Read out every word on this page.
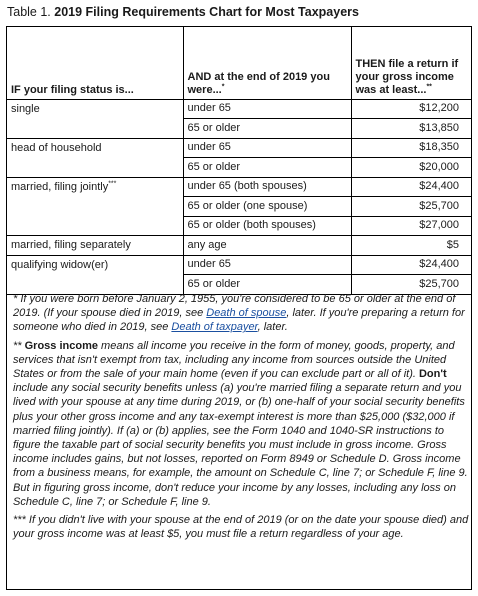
Table 1. 2019 Filing Requirements Chart for Most Taxpayers
IF your filing status is...	AND at the end of 2019 you were...*	THEN file a return if your gross income was at least...**
single	under 65	$12,200
	65 or older	$13,850
head of household	under 65	$18,350
	65 or older	$20,000
married, filing jointly***	under 65 (both spouses)	$24,400
	65 or older (one spouse)	$25,700
	65 or older (both spouses)	$27,000
married, filing separately	any age	$5
qualifying widow(er)	under 65	$24,400
	65 or older	$25,700

* If you were born before January 2, 1955, you're considered to be 65 or older at the end of 2019. (If your spouse died in 2019, see Death of spouse, later. If you're preparing a return for someone who died in 2019, see Death of taxpayer, later.

** Gross income means all income you receive in the form of money, goods, property, and services that isn't exempt from tax, including any income from sources outside the United States or from the sale of your main home (even if you can exclude part or all of it). Don't include any social security benefits unless (a) you're married filing a separate return and you lived with your spouse at any time during 2019, or (b) one-half of your social security benefits plus your other gross income and any tax-exempt interest is more than $25,000 ($32,000 if married filing jointly). If (a) or (b) applies, see the Form 1040 and 1040-SR instructions to figure the taxable part of social security benefits you must include in gross income. Gross income includes gains, but not losses, reported on Form 8949 or Schedule D. Gross income from a business means, for example, the amount on Schedule C, line 7; or Schedule F, line 9. But in figuring gross income, don't reduce your income by any losses, including any loss on Schedule C, line 7; or Schedule F, line 9.

*** If you didn't live with your spouse at the end of 2019 (or on the date your spouse died) and your gross income was at least $5, you must file a return regardless of your age.
